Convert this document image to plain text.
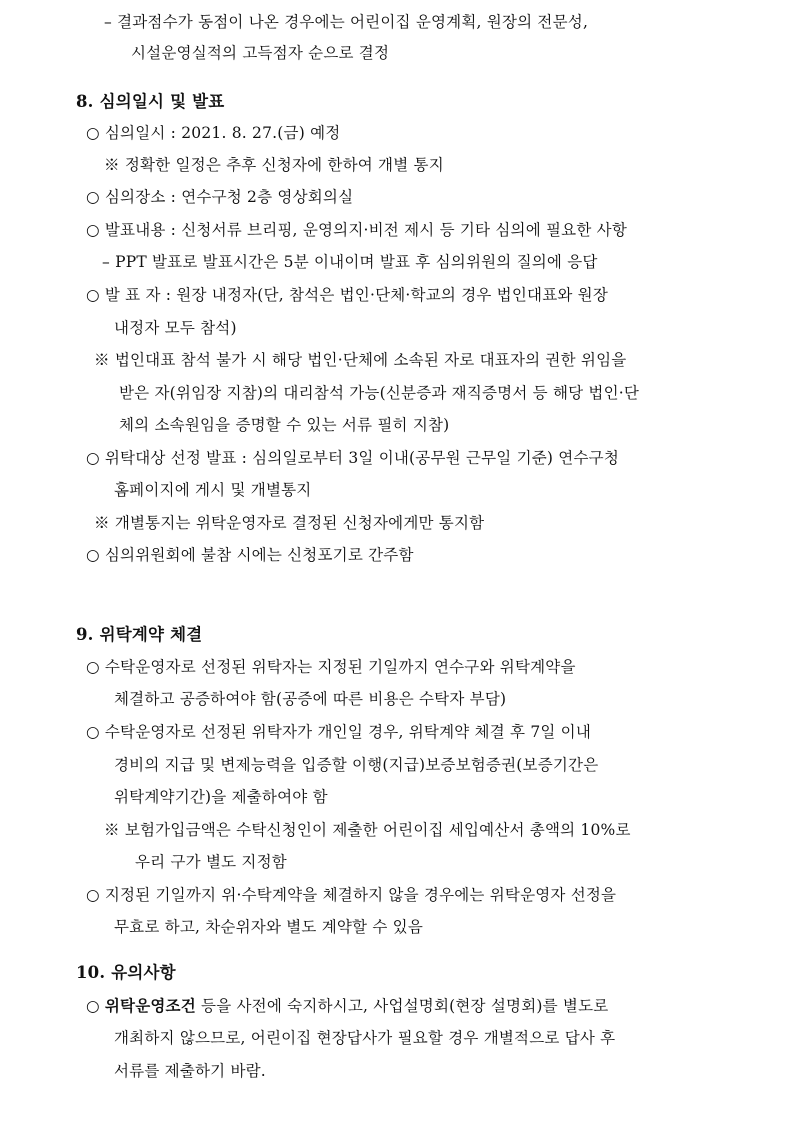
– 결과점수가 동점이 나온 경우에는 어린이집 운영계획, 원장의 전문성,
시설운영실적의 고득점자 순으로 결정
8. 심의일시 및 발표
○ 심의일시 : 2021. 8. 27.(금) 예정
※ 정확한 일정은 추후 신청자에 한하여 개별 통지
○ 심의장소 : 연수구청 2층 영상회의실
○ 발표내용 : 신청서류 브리핑, 운영의지·비전 제시 등 기타 심의에 필요한 사항
– PPT 발표로 발표시간은 5분 이내이며 발표 후 심의위원의 질의에 응답
○ 발 표 자 : 원장 내정자(단, 참석은 법인·단체·학교의 경우 법인대표와 원장
내정자 모두 참석)
※ 법인대표 참석 불가 시 해당 법인·단체에 소속된 자로 대표자의 권한 위임을
받은 자(위임장 지참)의 대리참석 가능(신분증과 재직증명서 등 해당 법인·단
체의 소속원임을 증명할 수 있는 서류 필히 지참)
○ 위탁대상 선정 발표 : 심의일로부터 3일 이내(공무원 근무일 기준) 연수구청
홈페이지에 게시 및 개별통지
※ 개별통지는 위탁운영자로 결정된 신청자에게만 통지함
○ 심의위원회에 불참 시에는 신청포기로 간주함
9. 위탁계약 체결
○ 수탁운영자로 선정된 위탁자는 지정된 기일까지 연수구와 위탁계약을
체결하고 공증하여야 함(공증에 따른 비용은 수탁자 부담)
○ 수탁운영자로 선정된 위탁자가 개인일 경우, 위탁계약 체결 후 7일 이내
경비의 지급 및 변제능력을 입증할 이행(지급)보증보험증권(보증기간은
위탁계약기간)을 제출하여야 함
※ 보험가입금액은 수탁신청인이 제출한 어린이집 세입예산서 총액의 10%로
우리 구가 별도 지정함
○ 지정된 기일까지 위·수탁계약을 체결하지 않을 경우에는 위탁운영자 선정을
무효로 하고, 차순위자와 별도 계약할 수 있음
10. 유의사항
○ 위탁운영조건 등을 사전에 숙지하시고, 사업설명회(현장 설명회)를 별도로
개최하지 않으므로, 어린이집 현장답사가 필요할 경우 개별적으로 답사 후
서류를 제출하기 바람.
